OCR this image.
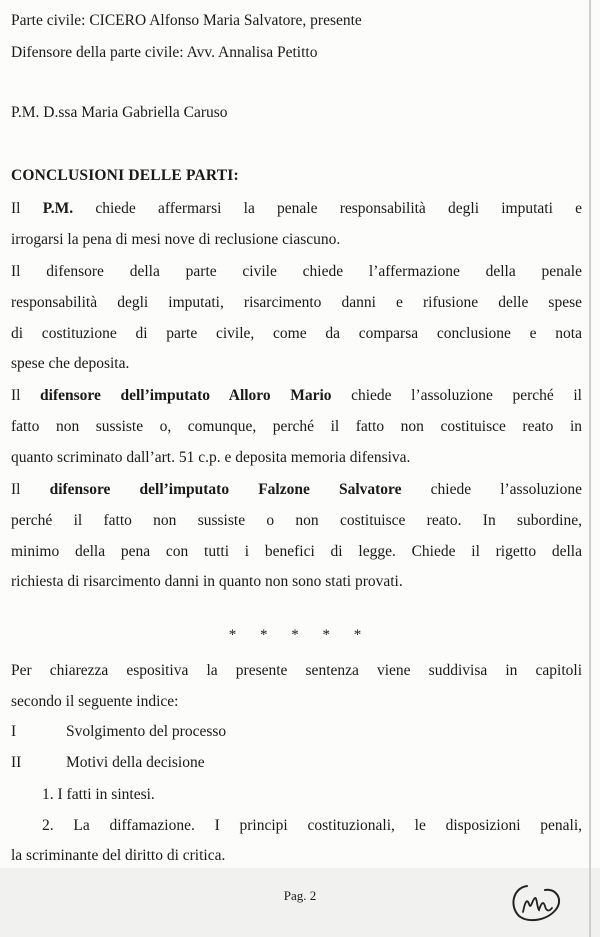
Parte civile: CICERO Alfonso Maria Salvatore, presente
Difensore della parte civile: Avv. Annalisa Petitto
P.M. D.ssa Maria Gabriella Caruso
CONCLUSIONI DELLE PARTI:
Il P.M. chiede affermarsi la penale responsabilità degli imputati e
irrogarsi la pena di mesi nove di reclusione ciascuno.
Il difensore della parte civile chiede l’affermazione della penale
responsabilità degli imputati, risarcimento danni e rifusione delle spese
di costituzione di parte civile, come da comparsa conclusione e nota
spese che deposita.
Il difensore dell’imputato Alloro Mario chiede l’assoluzione perché il
fatto non sussiste o, comunque, perché il fatto non costituisce reato in
quanto scriminato dall’art. 51 c.p. e deposita memoria difensiva.
Il difensore dell’imputato Falzone Salvatore chiede l’assoluzione
perché il fatto non sussiste o non costituisce reato. In subordine,
minimo della pena con tutti i benefici di legge. Chiede il rigetto della
richiesta di risarcimento danni in quanto non sono stati provati.
* * * * *
Per chiarezza espositiva la presente sentenza viene suddivisa in capitoli
secondo il seguente indice:
I	Svolgimento del processo
II	Motivi della decisione
1. I fatti in sintesi.
2. La diffamazione. I principi costituzionali, le disposizioni penali,
la scriminante del diritto di critica.
Pag. 2
